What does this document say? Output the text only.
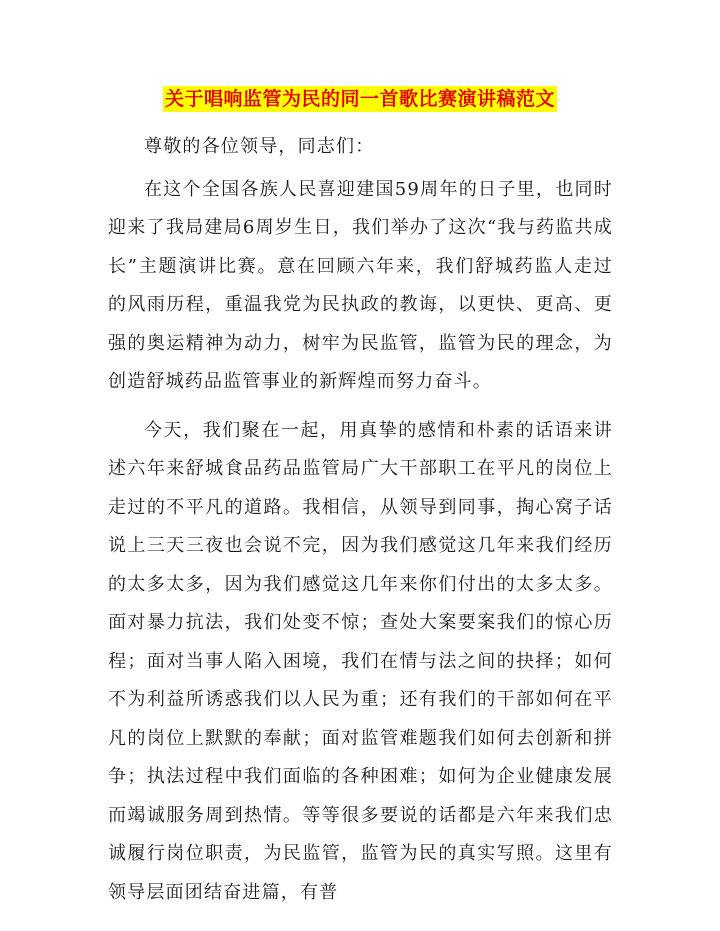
关于唱响监管为民的同一首歌比赛演讲稿范文

尊敬的各位领导，同志们：

在这个全国各族人民喜迎建国59周年的日子里，也同时迎来了我局建局6周岁生日，我们举办了这次“我与药监共成长”主题演讲比赛。意在回顾六年来，我们舒城药监人走过的风雨历程，重温我党为民执政的教诲，以更快、更高、更强的奥运精神为动力，树牢为民监管，监管为民的理念，为创造舒城药品监管事业的新辉煌而努力奋斗。

今天，我们聚在一起，用真挚的感情和朴素的话语来讲述六年来舒城食品药品监管局广大干部职工在平凡的岗位上走过的不平凡的道路。我相信，从领导到同事，掏心窝子话说上三天三夜也会说不完，因为我们感觉这几年来我们经历的太多太多，因为我们感觉这几年来你们付出的太多太多。面对暴力抗法，我们处变不惊；查处大案要案我们的惊心历程；面对当事人陷入困境，我们在情与法之间的抉择；如何不为利益所诱惑我们以人民为重；还有我们的干部如何在平凡的岗位上默默的奉献；面对监管难题我们如何去创新和拼争；执法过程中我们面临的各种困难；如何为企业健康发展而竭诚服务周到热情。等等很多要说的话都是六年来我们忠诚履行岗位职责，为民监管，监管为民的真实写照。这里有领导层面团结奋进篇，有普
